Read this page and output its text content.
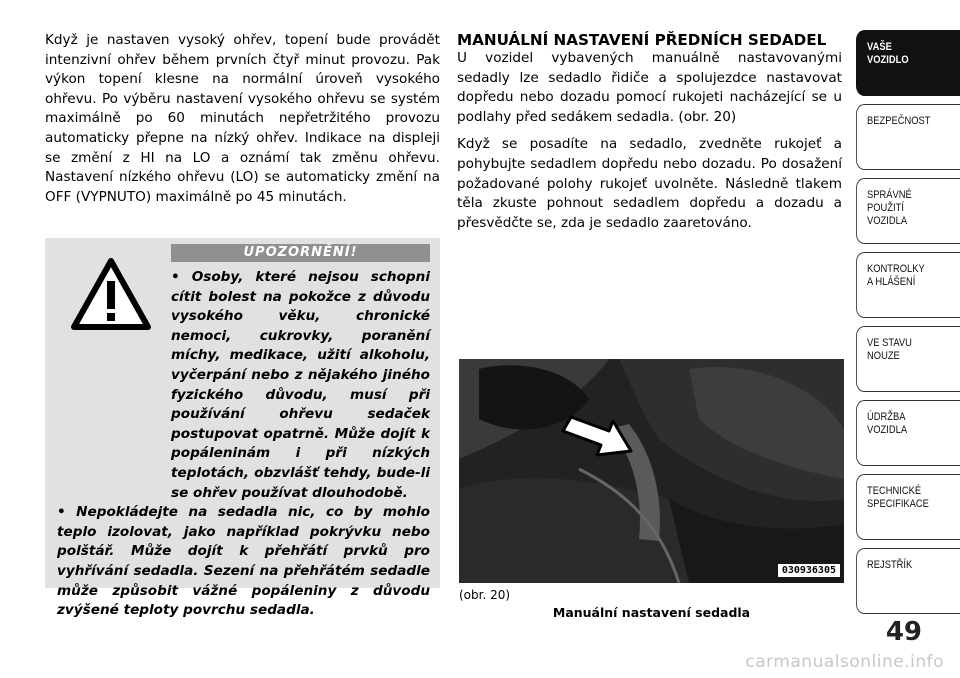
Když je nastaven vysoký ohřev, topení bude provádět intenzivní ohřev během prvních čtyř minut provozu. Pak výkon topení klesne na normální úroveň vysokého ohřevu. Po výběru nastavení vysokého ohřevu se systém maximálně po 60 minutách nepřetržitého provozu automaticky přepne na nízký ohřev. Indikace na displeji se změní z HI na LO a oznámí tak změnu ohřevu. Nastavení nízkého ohřevu (LO) se automaticky změní na OFF (VYPNUTO) maximálně po 45 minutách.

UPOZORNĚNÍ!

• Osoby, které nejsou schopni cítit bolest na pokožce z důvodu vysokého věku, chronické nemoci, cukrovky, poranění míchy, medikace, užití alkoholu, vyčerpání nebo z nějakého jiného fyzického důvodu, musí při používání ohřevu sedaček postupovat opatrně. Může dojít k popáleninám i při nízkých teplotách, obzvlášť tehdy, bude-li se ohřev používat dlouhodobě.

• Nepokládejte na sedadla nic, co by mohlo teplo izolovat, jako například pokrývku nebo polštář. Může dojít k přehřátí prvků pro vyhřívání sedadla. Sezení na přehřátém sedadle může způsobit vážné popáleniny z důvodu zvýšené teploty povrchu sedadla.

MANUÁLNÍ NASTAVENÍ PŘEDNÍCH SEDADEL

U vozidel vybavených manuálně nastavovanými sedadly lze sedadlo řidiče a spolujezdce nastavovat dopředu nebo dozadu pomocí rukojeti nacházející se u podlahy před sedákem sedadla. (obr. 20)

Když se posadíte na sedadlo, zvedněte rukojeť a pohybujte sedadlem dopředu nebo dozadu. Po dosažení požadované polohy rukojeť uvolněte. Následně tlakem těla zkuste pohnout sedadlem dopředu a dozadu a přesvědčte se, zda je sedadlo zaaretováno.

030936305
(obr. 20)
Manuální nastavení sedadla
VAŠE
VOZIDLO
BEZPEČNOST
SPRÁVNÉ
POUŽITÍ
VOZIDLA
KONTROLKY
A HLÁŠENÍ
VE STAVU
NOUZE
ÚDRŽBA
VOZIDLA
TECHNICKÉ
SPECIFIKACE
REJSTŘÍK
49
carmanualsonline.info
